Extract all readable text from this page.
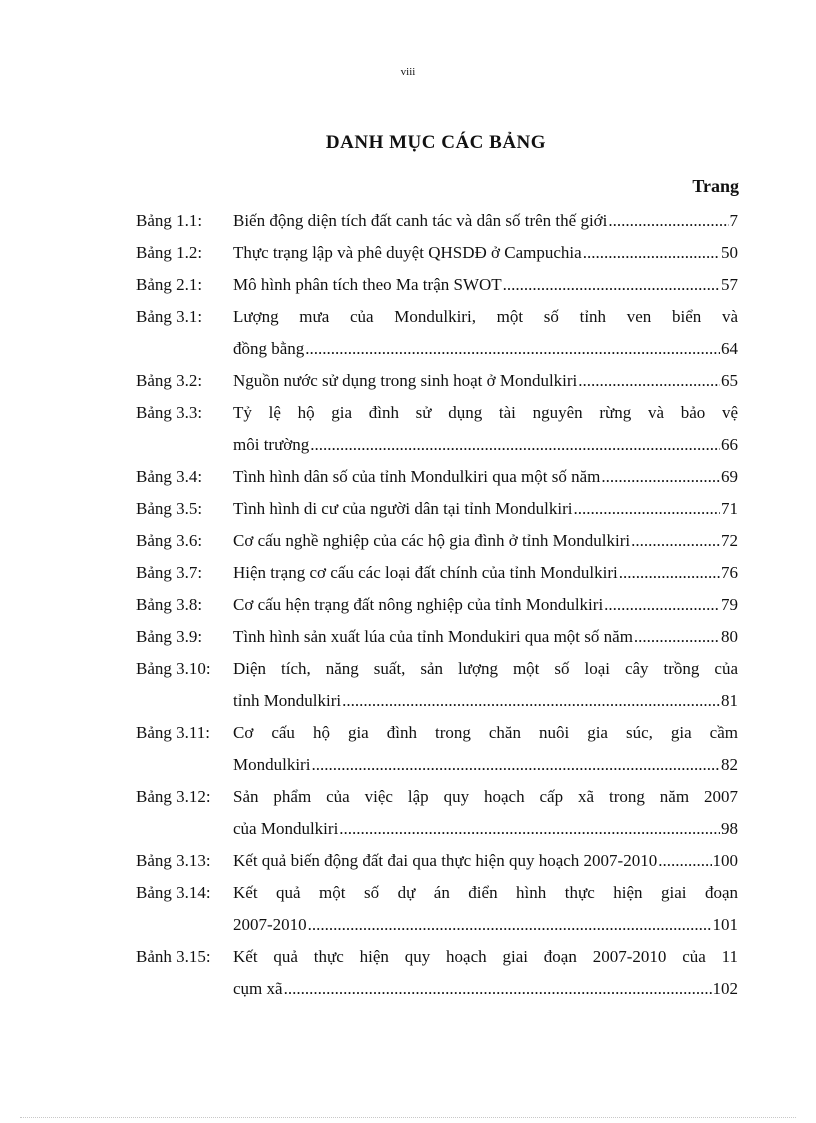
viii
DANH MỤC CÁC BẢNG
Trang
Bảng 1.1:	Biến động diện tích đất canh tác và dân số trên thế giới .....	7
Bảng 1.2:	Thực trạng lập và phê duyệt QHSDĐ ở Campuchia .....	50
Bảng 2.1:	Mô hình phân tích theo Ma trận SWOT .....	57
Bảng 3.1:	Lượng mưa của Mondulkiri, một số tỉnh ven biển và
đồng bằng .....	64
Bảng 3.2:	Nguồn nước sử dụng trong sinh hoạt ở Mondulkiri .....	65
Bảng 3.3:	Tỷ lệ hộ gia đình sử dụng tài nguyên rừng và bảo vệ
môi trường .....	66
Bảng 3.4:	Tình hình dân số của tỉnh Mondulkiri qua một số năm .....	69
Bảng 3.5:	Tình hình di cư của người dân tại tỉnh Mondulkiri .....	71
Bảng 3.6:	Cơ cấu nghề nghiệp của các hộ gia đình ở tỉnh Mondulkiri .....	72
Bảng 3.7:	Hiện trạng cơ cấu các loại đất chính của tỉnh Mondulkiri .....	76
Bảng 3.8:	Cơ cấu hện trạng đất nông nghiệp của tỉnh Mondulkiri .....	79
Bảng 3.9:	Tình hình sản xuất lúa của tỉnh Mondukiri qua một số năm .....	80
Bảng 3.10:	Diện tích, năng suất, sản lượng một số loại cây trồng của
tỉnh Mondulkiri .....	81
Bảng 3.11:	Cơ cấu hộ gia đình trong chăn nuôi gia súc, gia cầm
Mondulkiri .....	82
Bảng 3.12:	Sản phẩm của việc lập quy hoạch cấp xã trong năm 2007
của Mondulkiri .....	98
Bảng 3.13:	Kết quả biến động đất đai qua thực hiện quy hoạch 2007-2010 .....	100
Bảng 3.14:	Kết quả một số dự án điển hình thực hiện giai đoạn
2007-2010 .....	101
Bảnh 3.15:	Kết quả thực hiện quy hoạch giai đoạn 2007-2010 của 11
cụm xã .....	102
